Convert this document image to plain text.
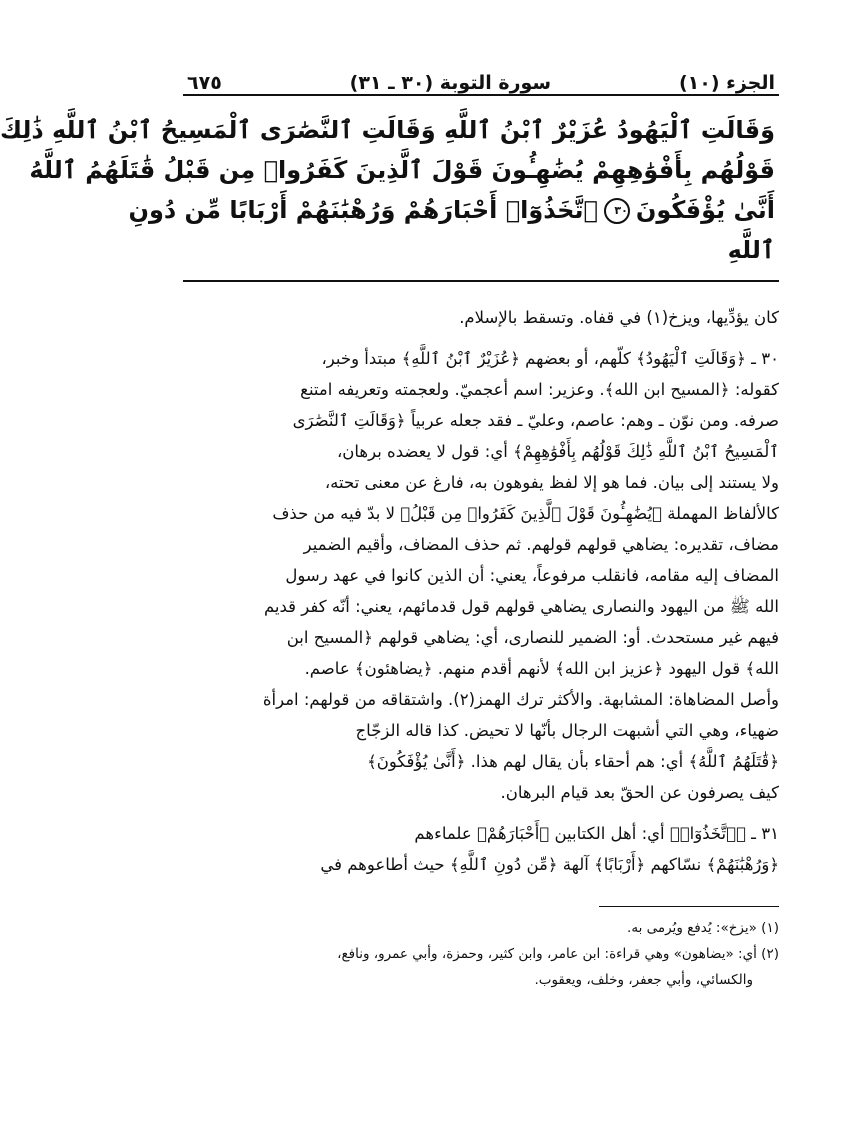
الجزء (١٠)
سورة التوبة (٣٠ ـ ٣١)
٦٧٥
وَقَالَتِ ٱلْيَهُودُ عُزَيْرٌ ٱبْنُ ٱللَّهِ وَقَالَتِ ٱلنَّصَٰرَى ٱلْمَسِيحُ ٱبْنُ ٱللَّهِ ذَٰلِكَ
قَوْلُهُم بِأَفْوَٰهِهِمْ يُضَٰهِـُٔونَ قَوْلَ ٱلَّذِينَ كَفَرُوا۟ مِن قَبْلُ قَٰتَلَهُمُ ٱللَّهُ
أَنَّىٰ يُؤْفَكُونَ٣٠ٱتَّخَذُوٓا۟ أَحْبَارَهُمْ وَرُهْبَٰنَهُمْ أَرْبَابًا مِّن دُونِ
ٱللَّهِ
كان يؤدِّيها، ويزخ(١) في قفاه. وتسقط بالإسلام.
٣٠ ـ ﴿وَقَالَتِ ٱلْيَهُودُ﴾ كلّهم، أو بعضهم ﴿عُزَيْرٌ ٱبْنُ ٱللَّهِ﴾ مبتدأ وخبر،
كقوله: ﴿المسيح ابن الله﴾. وعزير: اسم أعجميّ. ولعجمته وتعريفه امتنع
صرفه. ومن نوّن ـ وهم: عاصم، وعليّ ـ فقد جعله عربياً ﴿وَقَالَتِ ٱلنَّصَٰرَى
ٱلْمَسِيحُ ٱبْنُ ٱللَّهِ ذَٰلِكَ قَوْلُهُم بِأَفْوَٰهِهِمْ﴾ أي: قول لا يعضده برهان،
ولا يستند إلى بيان. فما هو إلا لفظ يفوهون به، فارغ عن معنى تحته،
كالألفاظ المهملة ﴿يُضَٰهِـُٔونَ قَوْلَ ٱلَّذِينَ كَفَرُوا۟ مِن قَبْلُ﴾ لا بدّ فيه من حذف
مضاف، تقديره: يضاهي قولهم قولهم. ثم حذف المضاف، وأقيم الضمير
المضاف إليه مقامه، فانقلب مرفوعاً، يعني: أن الذين كانوا في عهد رسول
الله ﷺ من اليهود والنصارى يضاهي قولهم قول قدمائهم، يعني: أنّه كفر قديم
فيهم غير مستحدث. أو: الضمير للنصارى، أي: يضاهي قولهم ﴿المسيح ابن
الله﴾ قول اليهود ﴿عزيز ابن الله﴾ لأنهم أقدم منهم. ﴿يضاهئون﴾ عاصم.
وأصل المضاهاة: المشابهة. والأكثر ترك الهمز(٢). واشتقاقه من قولهم: امرأة
ضهياء، وهي التي أشبهت الرجال بأنّها لا تحيض. كذا قاله الزجّاج
﴿قَٰتَلَهُمُ ٱللَّهُ﴾ أي: هم أحقاء بأن يقال لهم هذا. ﴿أَنَّىٰ يُؤْفَكُونَ﴾
كيف يصرفون عن الحقّ بعد قيام البرهان.
٣١ ـ ﴿ٱتَّخَذُوٓا۟﴾ أي: أهل الكتابين ﴿أَحْبَارَهُمْ﴾ علماءهم
﴿وَرُهْبَٰنَهُمْ﴾ نسّاكهم ﴿أَرْبَابًا﴾ آلهة ﴿مِّن دُونِ ٱللَّهِ﴾ حيث أطاعوهم في
(١) «يزخ»: يُدفع ويُرمى به.
(٢) أي: «يضاهون» وهي قراءة: ابن عامر، وابن كثير، وحمزة، وأبي عمرو، ونافع،
والكسائي، وأبي جعفر، وخلف، ويعقوب.
